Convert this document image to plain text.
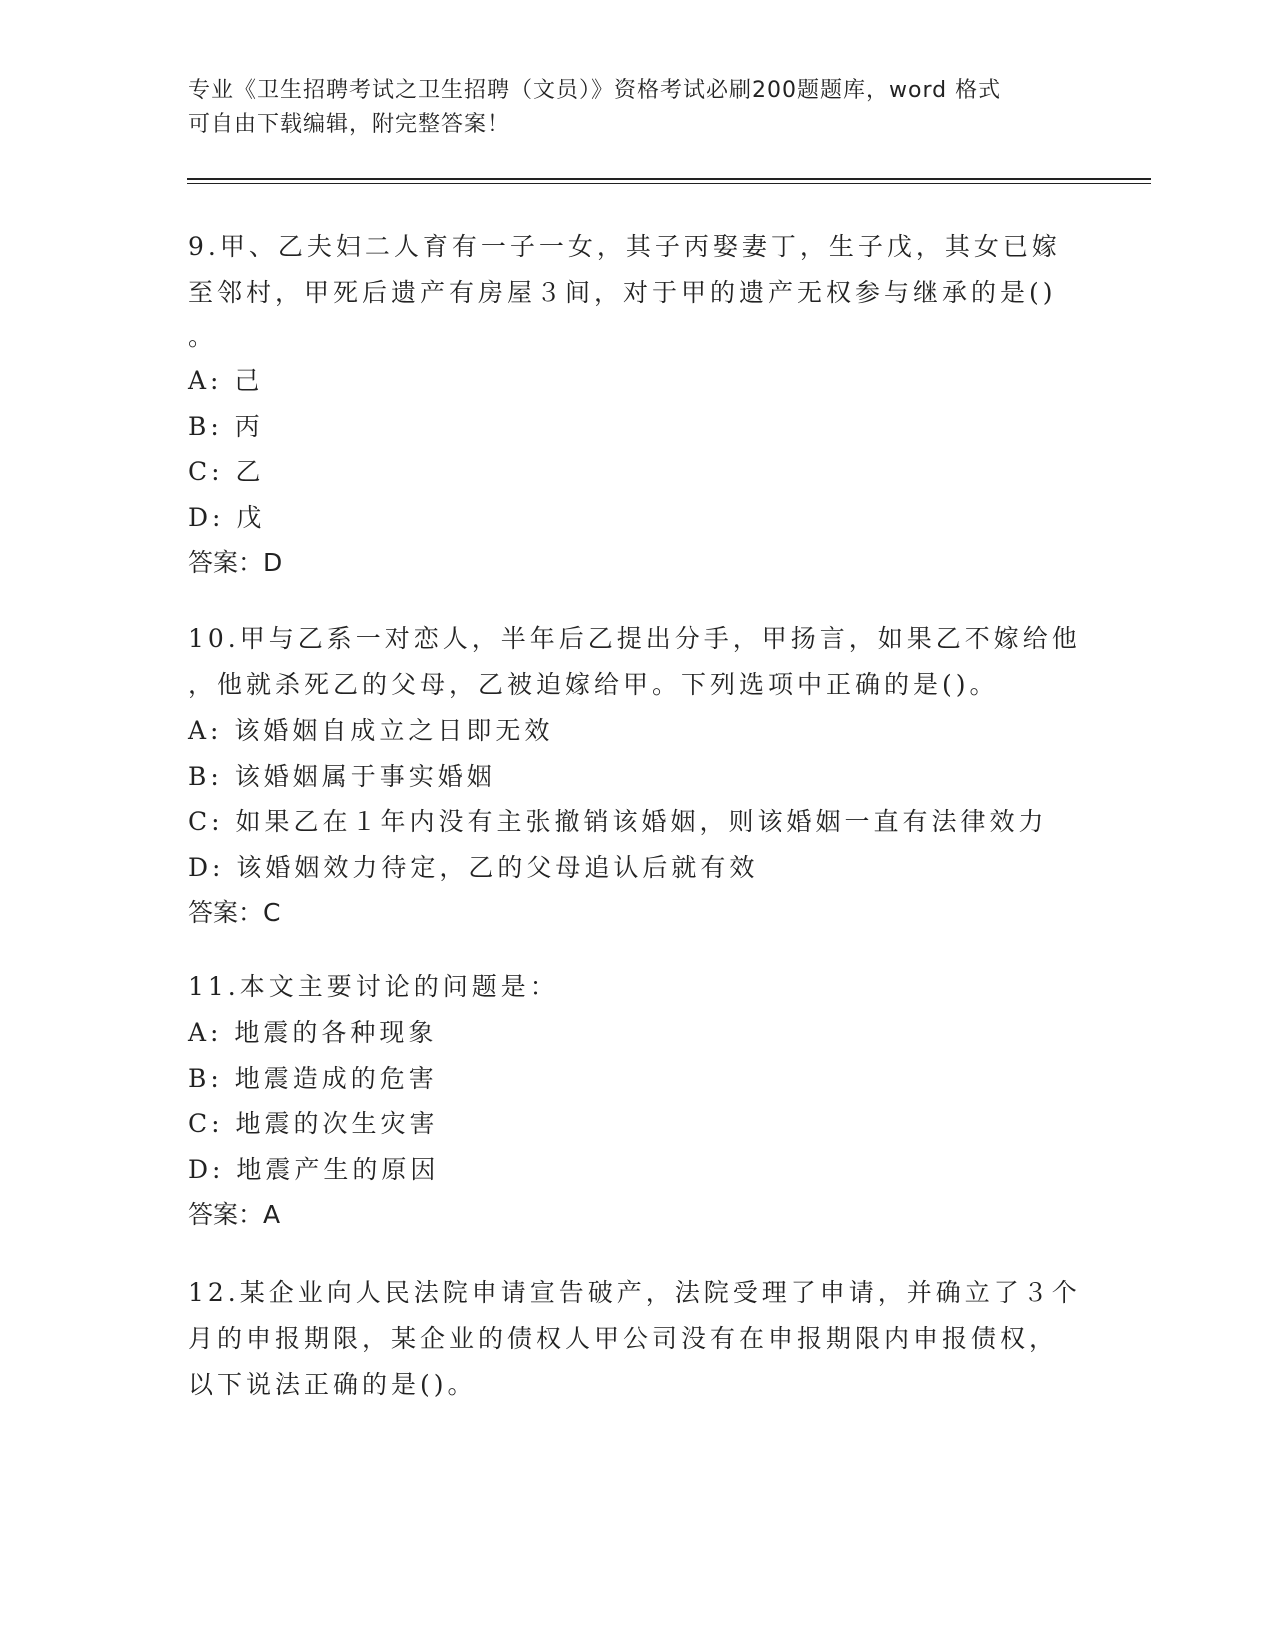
专业《卫生招聘考试之卫生招聘（文员）》资格考试必刷200题题库，word 格式
可自由下载编辑，附完整答案！

9.甲、乙夫妇二人育有一子一女，其子丙娶妻丁，生子戊，其女已嫁

至邻村，甲死后遗产有房屋３间，对于甲的遗产无权参与继承的是()

。

A: 己

B: 丙

C: 乙

D: 戊

答案：D

10.甲与乙系一对恋人，半年后乙提出分手，甲扬言，如果乙不嫁给他

，他就杀死乙的父母，乙被迫嫁给甲。下列选项中正确的是()。

A: 该婚姻自成立之日即无效

B: 该婚姻属于事实婚姻

C: 如果乙在１年内没有主张撤销该婚姻，则该婚姻一直有法律效力

D: 该婚姻效力待定，乙的父母追认后就有效

答案：C

11.本文主要讨论的问题是：

A: 地震的各种现象

B: 地震造成的危害

C: 地震的次生灾害

D: 地震产生的原因

答案：A

12.某企业向人民法院申请宣告破产，法院受理了申请，并确立了３个

月的申报期限，某企业的债权人甲公司没有在申报期限内申报债权，

以下说法正确的是()。
